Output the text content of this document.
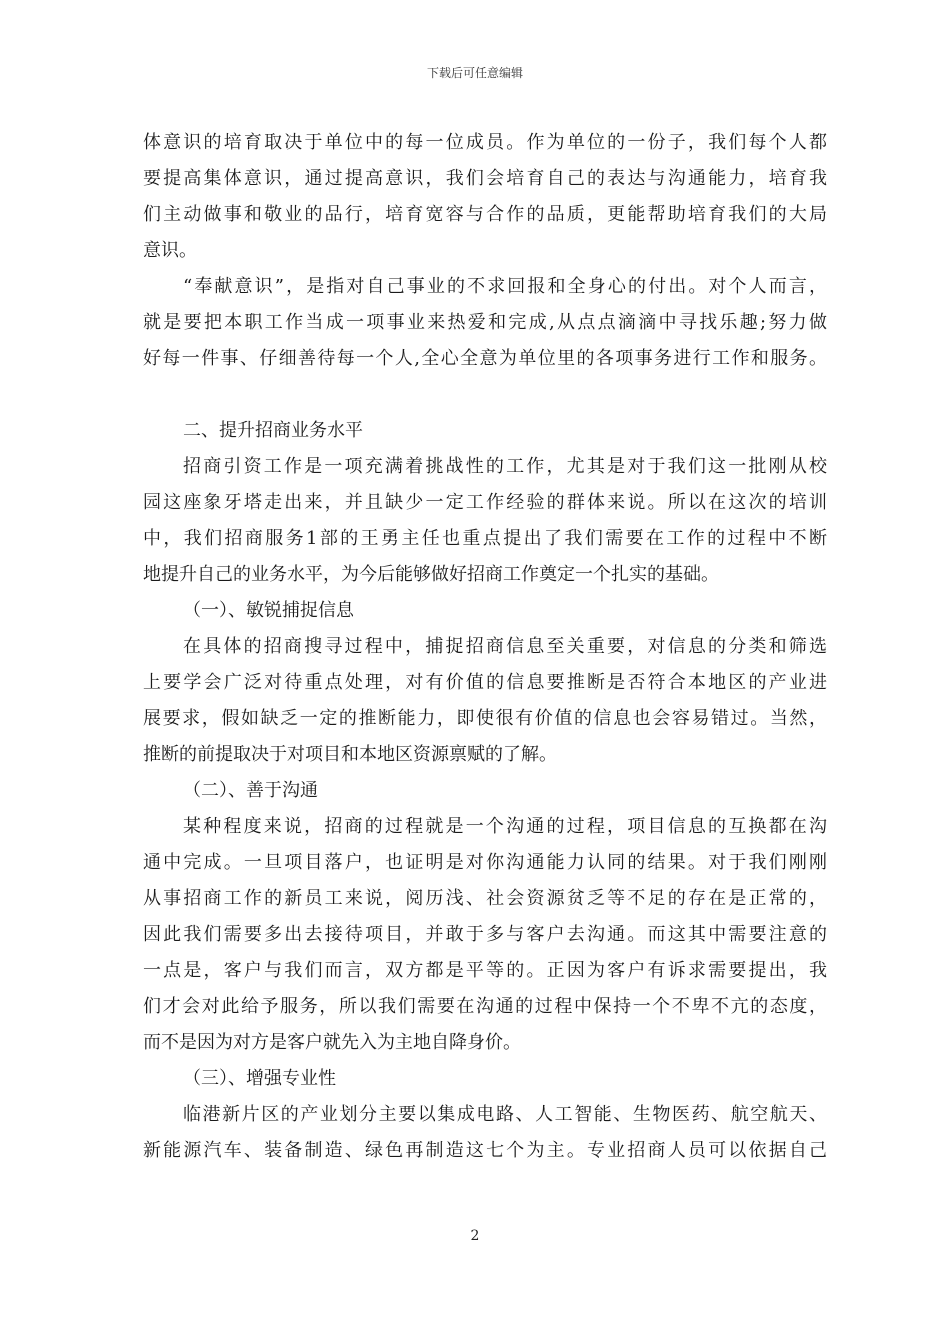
下载后可任意编辑
体意识的培育取决于单位中的每一位成员。作为单位的一份子，我们每个人都
要提高集体意识，通过提高意识，我们会培育自己的表达与沟通能力，培育我
们主动做事和敬业的品行，培育宽容与合作的品质，更能帮助培育我们的大局
意识。
“奉献意识”，是指对自己事业的不求回报和全身心的付出。对个人而言，
就是要把本职工作当成一项事业来热爱和完成,从点点滴滴中寻找乐趣;努力做
好每一件事、仔细善待每一个人,全心全意为单位里的各项事务进行工作和服务。
二、提升招商业务水平
招商引资工作是一项充满着挑战性的工作，尤其是对于我们这一批刚从校
园这座象牙塔走出来，并且缺少一定工作经验的群体来说。所以在这次的培训
中，我们招商服务1部的王勇主任也重点提出了我们需要在工作的过程中不断
地提升自己的业务水平，为今后能够做好招商工作奠定一个扎实的基础。
（一）、敏锐捕捉信息
在具体的招商搜寻过程中，捕捉招商信息至关重要，对信息的分类和筛选
上要学会广泛对待重点处理，对有价值的信息要推断是否符合本地区的产业进
展要求，假如缺乏一定的推断能力，即使很有价值的信息也会容易错过。当然，
推断的前提取决于对项目和本地区资源禀赋的了解。
（二）、善于沟通
某种程度来说，招商的过程就是一个沟通的过程，项目信息的互换都在沟
通中完成。一旦项目落户，也证明是对你沟通能力认同的结果。对于我们刚刚
从事招商工作的新员工来说，阅历浅、社会资源贫乏等不足的存在是正常的，
因此我们需要多出去接待项目，并敢于多与客户去沟通。而这其中需要注意的
一点是，客户与我们而言，双方都是平等的。正因为客户有诉求需要提出，我
们才会对此给予服务，所以我们需要在沟通的过程中保持一个不卑不亢的态度，
而不是因为对方是客户就先入为主地自降身价。
（三）、增强专业性
临港新片区的产业划分主要以集成电路、人工智能、生物医药、航空航天、
新能源汽车、装备制造、绿色再制造这七个为主。专业招商人员可以依据自己
2
